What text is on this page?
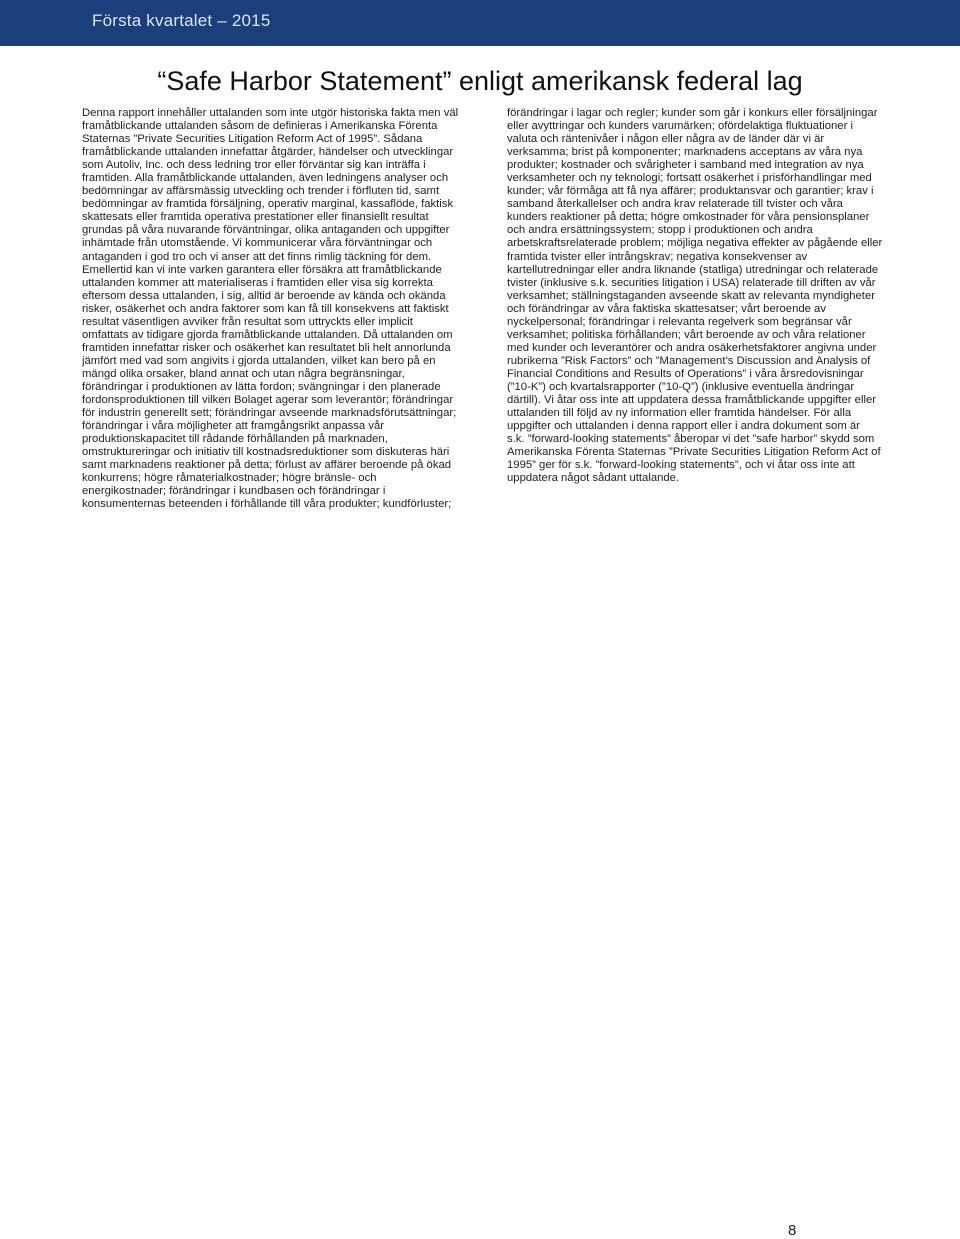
Första kvartalet – 2015
“Safe Harbor Statement” enligt amerikansk federal lag
Denna rapport innehåller uttalanden som inte utgör historiska fakta men väl
framåtblickande uttalanden såsom de definieras i Amerikanska Förenta
Staternas ”Private Securities Litigation Reform Act of 1995”. Sådana
framåtblickande uttalanden innefattar åtgärder, händelser och utvecklingar
som Autoliv, Inc. och dess ledning tror eller förväntar sig kan inträffa i
framtiden. Alla framåtblickande uttalanden, även ledningens analyser och
bedömningar av affärsmässig utveckling och trender i förfluten tid, samt
bedömningar av framtida försäljning, operativ marginal, kassaflöde, faktisk
skattesats eller framtida operativa prestationer eller finansiellt resultat
grundas på våra nuvarande förväntningar, olika antaganden och uppgifter
inhämtade från utomstående. Vi kommunicerar våra förväntningar och
antaganden i god tro och vi anser att det finns rimlig täckning för dem.
Emellertid kan vi inte varken garantera eller försäkra att framåtblickande
uttalanden kommer att materialiseras i framtiden eller visa sig korrekta
eftersom dessa uttalanden, i sig, alltid är beroende av kända och okända
risker, osäkerhet och andra faktorer som kan få till konsekvens att faktiskt
resultat väsentligen avviker från resultat som uttryckts eller implicit
omfattats av tidigare gjorda framåtblickande uttalanden. Då uttalanden om
framtiden innefattar risker och osäkerhet kan resultatet bli helt annorlunda
jämfört med vad som angivits i gjorda uttalanden, vilket kan bero på en
mängd olika orsaker, bland annat och utan några begränsningar,
förändringar i produktionen av lätta fordon; svängningar i den planerade
fordonsproduktionen till vilken Bolaget agerar som leverantör; förändringar
för industrin generellt sett; förändringar avseende marknadsförutsättningar;
förändringar i våra möjligheter att framgångsrikt anpassa vår
produktionskapacitet till rådande förhållanden på marknaden,
omstruktureringar och initiativ till kostnadsreduktioner som diskuteras häri
samt marknadens reaktioner på detta; förlust av affärer beroende på ökad
konkurrens; högre råmaterialkostnader; högre bränsle- och
energikostnader; förändringar i kundbasen och förändringar i
konsumenternas beteenden i förhållande till våra produkter; kundförluster;
förändringar i lagar och regler; kunder som går i konkurs eller försäljningar
eller avyttringar och kunders varumärken; ofördelaktiga fluktuationer i
valuta och räntenivåer i någon eller några av de länder där vi är
verksamma; brist på komponenter; marknadens acceptans av våra nya
produkter; kostnader och svårigheter i samband med integration av nya
verksamheter och ny teknologi; fortsatt osäkerhet i prisförhandlingar med
kunder; vår förmåga att få nya affärer; produktansvar och garantier; krav i
samband återkallelser och andra krav relaterade till tvister och våra
kunders reaktioner på detta; högre omkostnader för våra pensionsplaner
och andra ersättningssystem; stopp i produktionen och andra
arbetskraftsrelaterade problem; möjliga negativa effekter av pågående eller
framtida tvister eller intrångskrav; negativa konsekvenser av
kartellutredningar eller andra liknande (statliga) utredningar och relaterade
tvister (inklusive s.k. securities litigation i USA) relaterade till driften av vår
verksamhet; ställningstaganden avseende skatt av relevanta myndigheter
och förändringar av våra faktiska skattesatser; vårt beroende av
nyckelpersonal; förändringar i relevanta regelverk som begränsar vår
verksamhet; politiska förhållanden; vårt beroende av och våra relationer
med kunder och leverantörer och andra osäkerhetsfaktorer angivna under
rubrikerna ”Risk Factors” och ”Management’s Discussion and Analysis of
Financial Conditions and Results of Operations” i våra årsredovisningar
(”10-K”) och kvartalsrapporter (”10-Q”) (inklusive eventuella ändringar
därtill). Vi åtar oss inte att uppdatera dessa framåtblickande uppgifter eller
uttalanden till följd av ny information eller framtida händelser. För alla
uppgifter och uttalanden i denna rapport eller i andra dokument som är
s.k. ”forward-looking statements” åberopar vi det ”safe harbor” skydd som
Amerikanska Förenta Staternas ”Private Securities Litigation Reform Act of
1995” ger för s.k. ”forward-looking statements”, och vi åtar oss inte att
uppdatera något sådant uttalande.
8
